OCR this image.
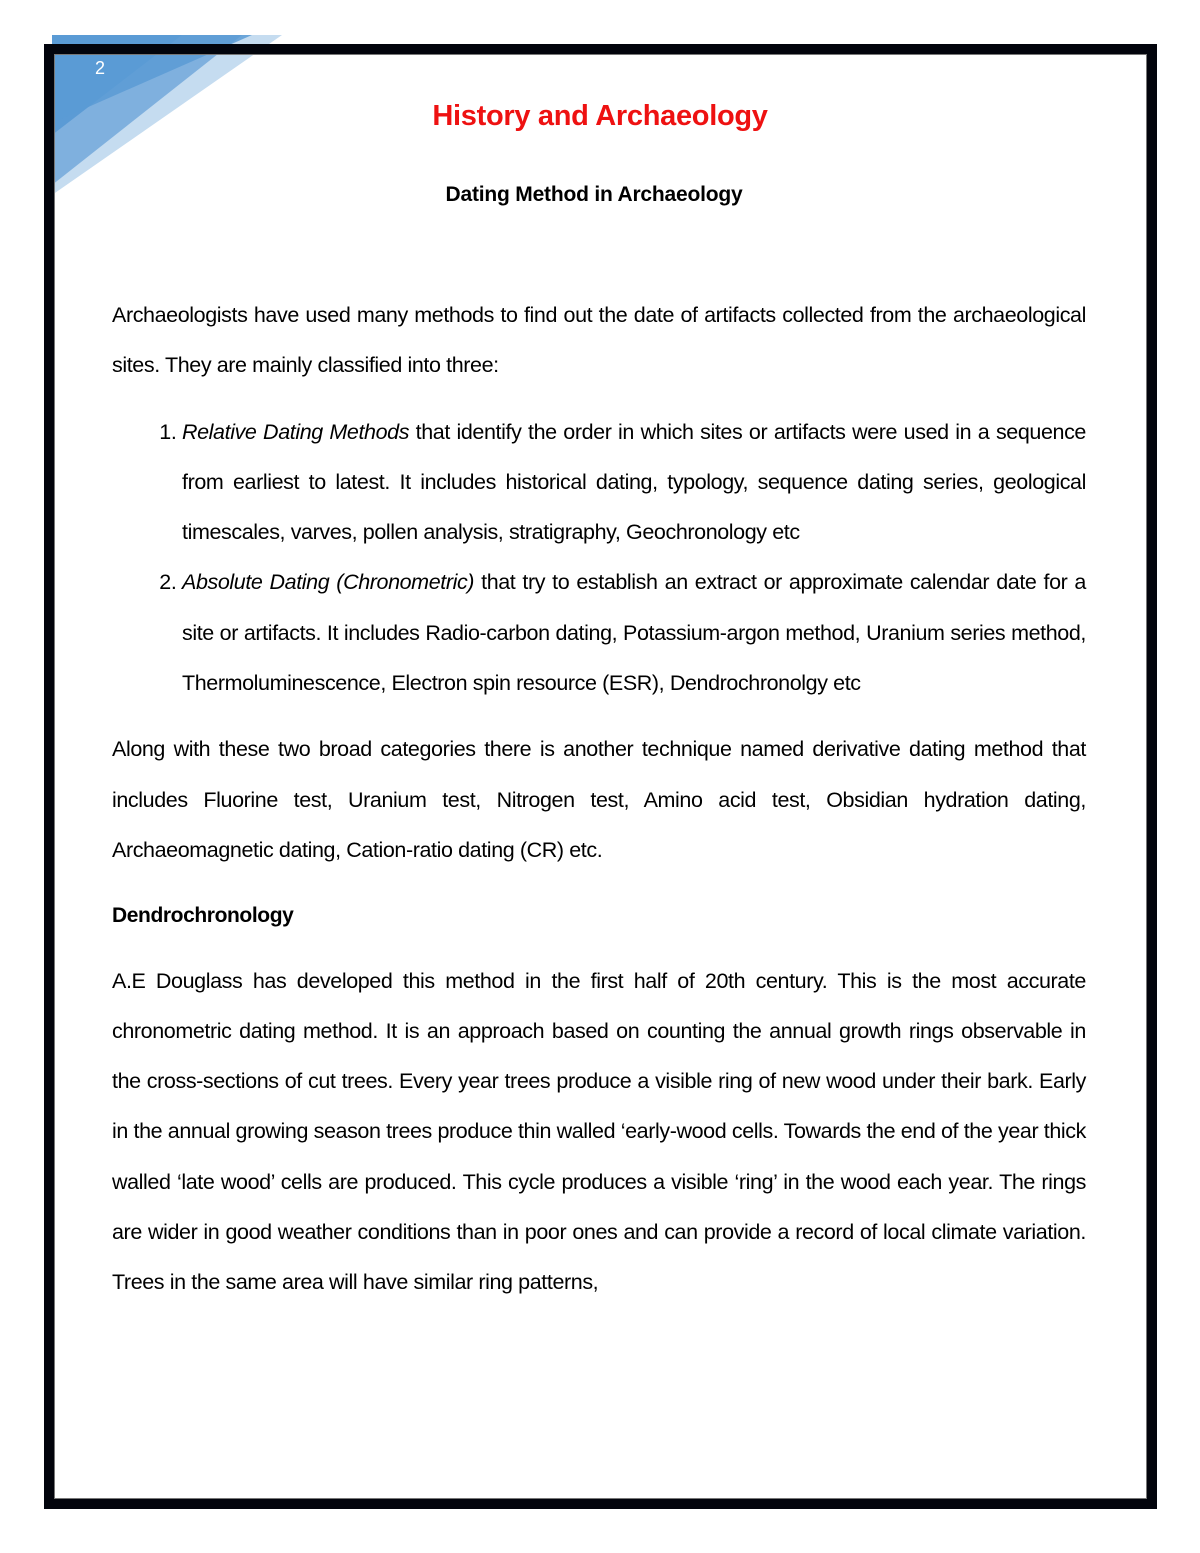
2
History and Archaeology
Dating Method in Archaeology

Archaeologists have used many methods to find out the date of artifacts collected from the archaeological sites. They are mainly classified into three:

1. Relative Dating Methods that identify the order in which sites or artifacts were used in a sequence from earliest to latest. It includes historical dating, typology, sequence dating series, geological timescales, varves, pollen analysis, stratigraphy, Geochronology etc
2. Absolute Dating (Chronometric) that try to establish an extract or approximate calendar date for a site or artifacts. It includes Radio-carbon dating, Potassium-argon method, Uranium series method, Thermoluminescence, Electron spin resource (ESR), Dendrochronolgy etc

Along with these two broad categories there is another technique named derivative dating method that includes Fluorine test, Uranium test, Nitrogen test, Amino acid test, Obsidian hydration dating, Archaeomagnetic dating, Cation-ratio dating (CR) etc.

Dendrochronology

A.E Douglass has developed this method in the first half of 20th century. This is the most accurate chronometric dating method. It is an approach based on counting the annual growth rings observable in the cross-sections of cut trees. Every year trees produce a visible ring of new wood under their bark. Early in the annual growing season trees produce thin walled ‘early-wood cells. Towards the end of the year thick walled ‘late wood’ cells are produced. This cycle produces a visible ‘ring’ in the wood each year. The rings are wider in good weather conditions than in poor ones and can provide a record of local climate variation. Trees in the same area will have similar ring patterns,
